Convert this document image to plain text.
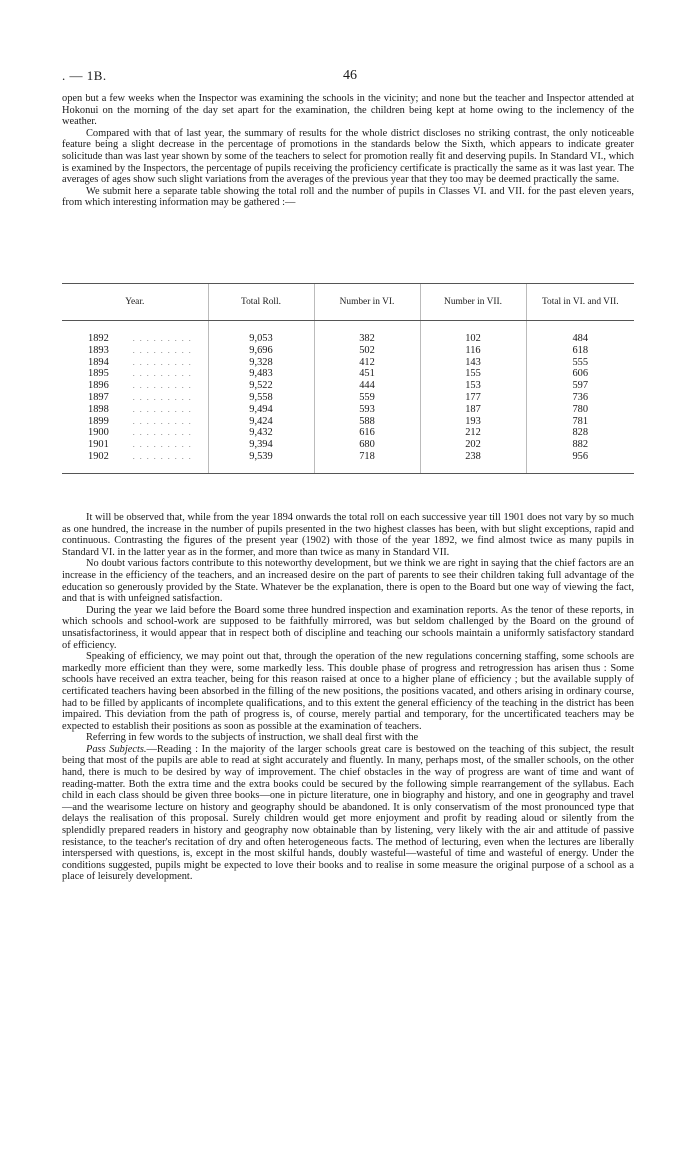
. — 1B.	46

open but a few weeks when the Inspector was examining the schools in the vicinity; and none but the teacher and Inspector attended at Hokonui on the morning of the day set apart for the examination, the children being kept at home owing to the inclemency of the weather.

Compared with that of last year, the summary of results for the whole district discloses no striking contrast, the only noticeable feature being a slight decrease in the percentage of promotions in the standards below the Sixth, which appears to indicate greater solicitude than was last year shown by some of the teachers to select for promotion really fit and deserving pupils. In Standard VI., which is examined by the Inspectors, the percentage of pupils receiving the proficiency certificate is practically the same as it was last year. The averages of ages show such slight variations from the averages of the previous year that they too may be deemed practically the same.

We submit here a separate table showing the total roll and the number of pupils in Classes VI. and VII. for the past eleven years, from which interesting information may be gathered :—

Year.	Total Roll.	Number in VI.	Number in VII.	Total in VI. and VII.

1892 .........	9,053	382	102	484
1893 .........	9,696	502	116	618
1894 .........	9,328	412	143	555
1895 .........	9,483	451	155	606
1896 .........	9,522	444	153	597
1897 .........	9,558	559	177	736
1898 .........	9,494	593	187	780
1899 .........	9,424	588	193	781
1900 .........	9,432	616	212	828
1901 .........	9,394	680	202	882
1902 .........	9,539	718	238	956

It will be observed that, while from the year 1894 onwards the total roll on each successive year till 1901 does not vary by so much as one hundred, the increase in the number of pupils presented in the two highest classes has been, with but slight exceptions, rapid and continuous. Contrasting the figures of the present year (1902) with those of the year 1892, we find almost twice as many pupils in Standard VI. in the latter year as in the former, and more than twice as many in Standard VII.

No doubt various factors contribute to this noteworthy development, but we think we are right in saying that the chief factors are an increase in the efficiency of the teachers, and an increased desire on the part of parents to see their children taking full advantage of the education so generously provided by the State. Whatever be the explanation, there is open to the Board but one way of viewing the fact, and that is with unfeigned satisfaction.

During the year we laid before the Board some three hundred inspection and examination reports. As the tenor of these reports, in which schools and school-work are supposed to be faithfully mirrored, was but seldom challenged by the Board on the ground of unsatisfactoriness, it would appear that in respect both of discipline and teaching our schools maintain a uniformly satisfactory standard of efficiency.

Speaking of efficiency, we may point out that, through the operation of the new regulations concerning staffing, some schools are markedly more efficient than they were, some markedly less. This double phase of progress and retrogression has arisen thus : Some schools have received an extra teacher, being for this reason raised at once to a higher plane of efficiency ; but the available supply of certificated teachers having been absorbed in the filling of the new positions, the positions vacated, and others arising in ordinary course, had to be filled by applicants of incomplete qualifications, and to this extent the general efficiency of the teaching in the district has been impaired. This deviation from the path of progress is, of course, merely partial and temporary, for the uncertificated teachers may be expected to establish their positions as soon as possible at the examination of teachers.

Referring in few words to the subjects of instruction, we shall deal first with the

Pass Subjects.—Reading : In the majority of the larger schools great care is bestowed on the teaching of this subject, the result being that most of the pupils are able to read at sight accurately and fluently. In many, perhaps most, of the smaller schools, on the other hand, there is much to be desired by way of improvement. The chief obstacles in the way of progress are want of time and want of reading-matter. Both the extra time and the extra books could be secured by the following simple rearrangement of the syllabus. Each child in each class should be given three books—one in picture literature, one in biography and history, and one in geography and travel—and the wearisome lecture on history and geography should be abandoned. It is only conservatism of the most pronounced type that delays the realisation of this proposal. Surely children would get more enjoyment and profit by reading aloud or silently from the splendidly prepared readers in history and geography now obtainable than by listening, very likely with the air and attitude of passive resistance, to the teacher's recitation of dry and often heterogeneous facts. The method of lecturing, even when the lectures are liberally interspersed with questions, is, except in the most skilful hands, doubly wasteful—wasteful of time and wasteful of energy. Under the conditions suggested, pupils might be expected to love their books and to realise in some measure the original purpose of a school as a place of leisurely development.
